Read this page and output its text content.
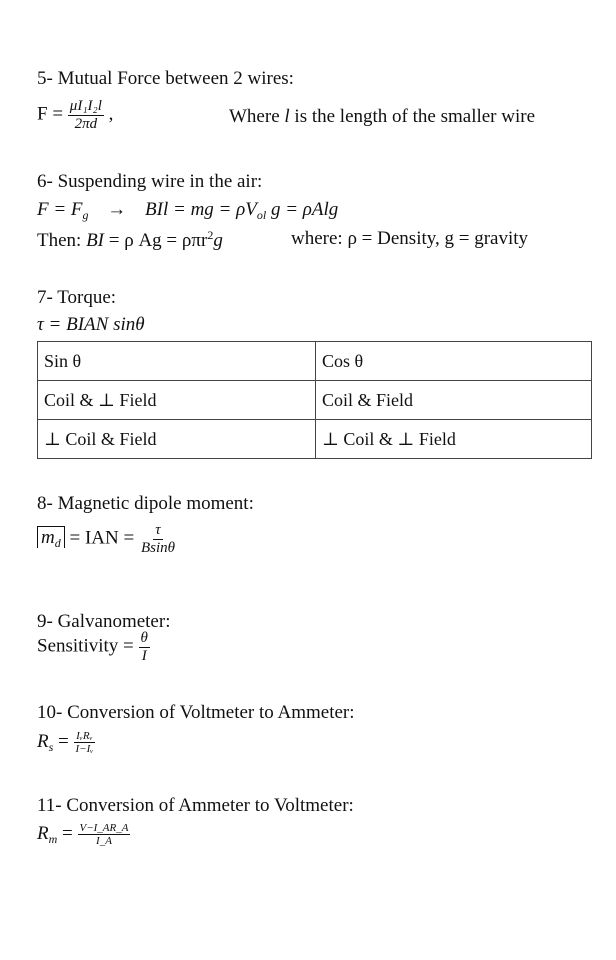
5- Mutual Force between 2 wires:
$F = \frac{\text{μI₁I₂l}}{2\pi d}$ ,	Where l is the length of the smaller wire
6- Suspending wire in the air:
$F = F_g$ → BIl = mg = $\rho V_{ol}$ g = ρAlg
Then: BI = ρ Ag = ρπr$^2$g	where: ρ = Density, g = gravity
7- Torque:
τ = BIAN sinθ
Sin θ	Cos θ
Coil & ⊥ Field	Coil & Field
⊥ Coil & Field	⊥ Coil & ⊥ Field
8- Magnetic dipole moment:
$m_d$ = IAN = $\frac{\tau}{Bsin\theta}$
9- Galvanometer:
Sensitivity = $\frac{\theta}{I}$
10- Conversion of Voltmeter to Ammeter:
$R_s = \frac{\text{IᵥRᵥ}}{\text{I−Iᵥ}}$
11- Conversion of Ammeter to Voltmeter:
$R_m = \frac{V-I\_AR\_A}{I\_A}$
